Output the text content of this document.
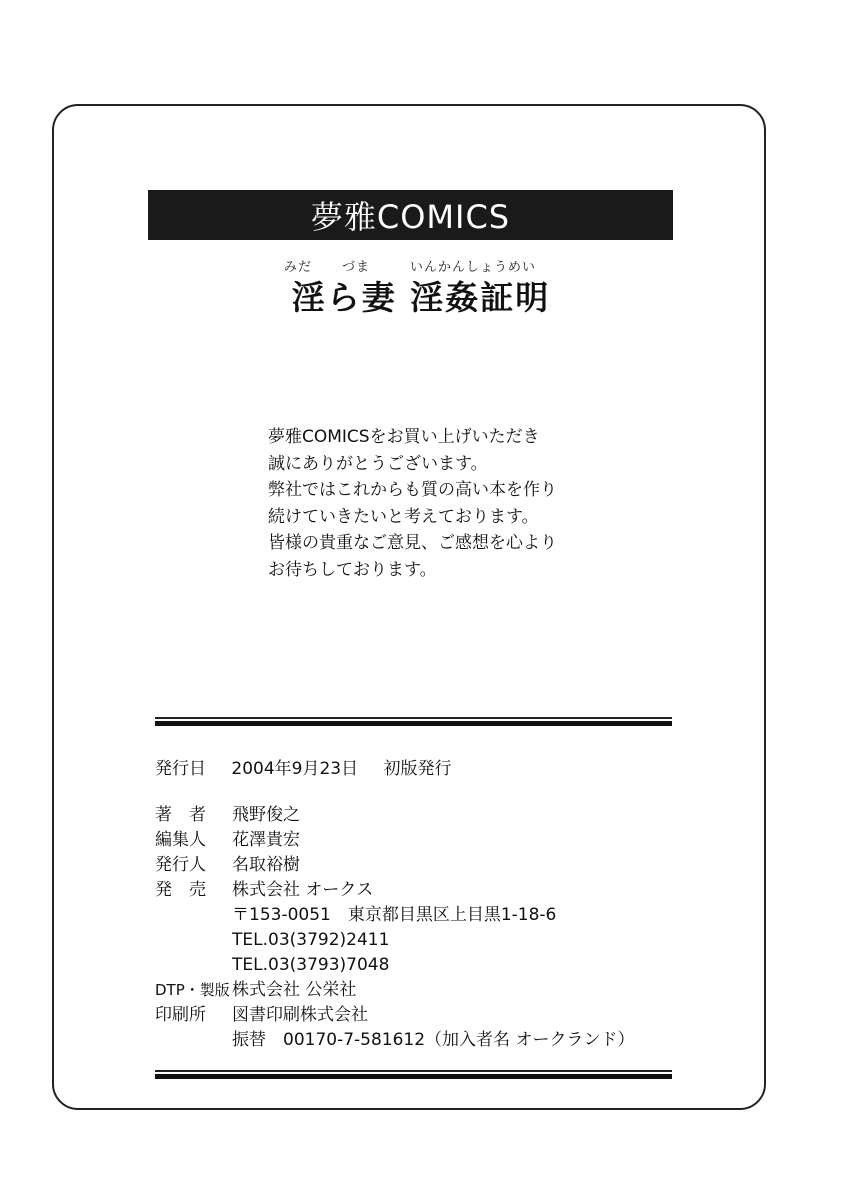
夢雅COMICS
みだ づま	いんかんしょうめい
淫ら妻 淫姦証明
夢雅COMICSをお買い上げいただき
誠にありがとうございます。
弊社ではこれからも質の高い本を作り
続けていきたいと考えております。
皆様の貴重なご意見、ご感想を心より
お待ちしております。
発行日 2004年9月23日 初版発行
著　者	飛野俊之
編集人	花澤貴宏
発行人	名取裕樹
発　売	株式会社 オークス
〒153-0051　東京都目黒区上目黒1-18-6
TEL.03(3792)2411
TEL.03(3793)7048
DTP・製版 株式会社 公栄社
印刷所	図書印刷株式会社
振替　00170-7-581612（加入者名 オークランド）
